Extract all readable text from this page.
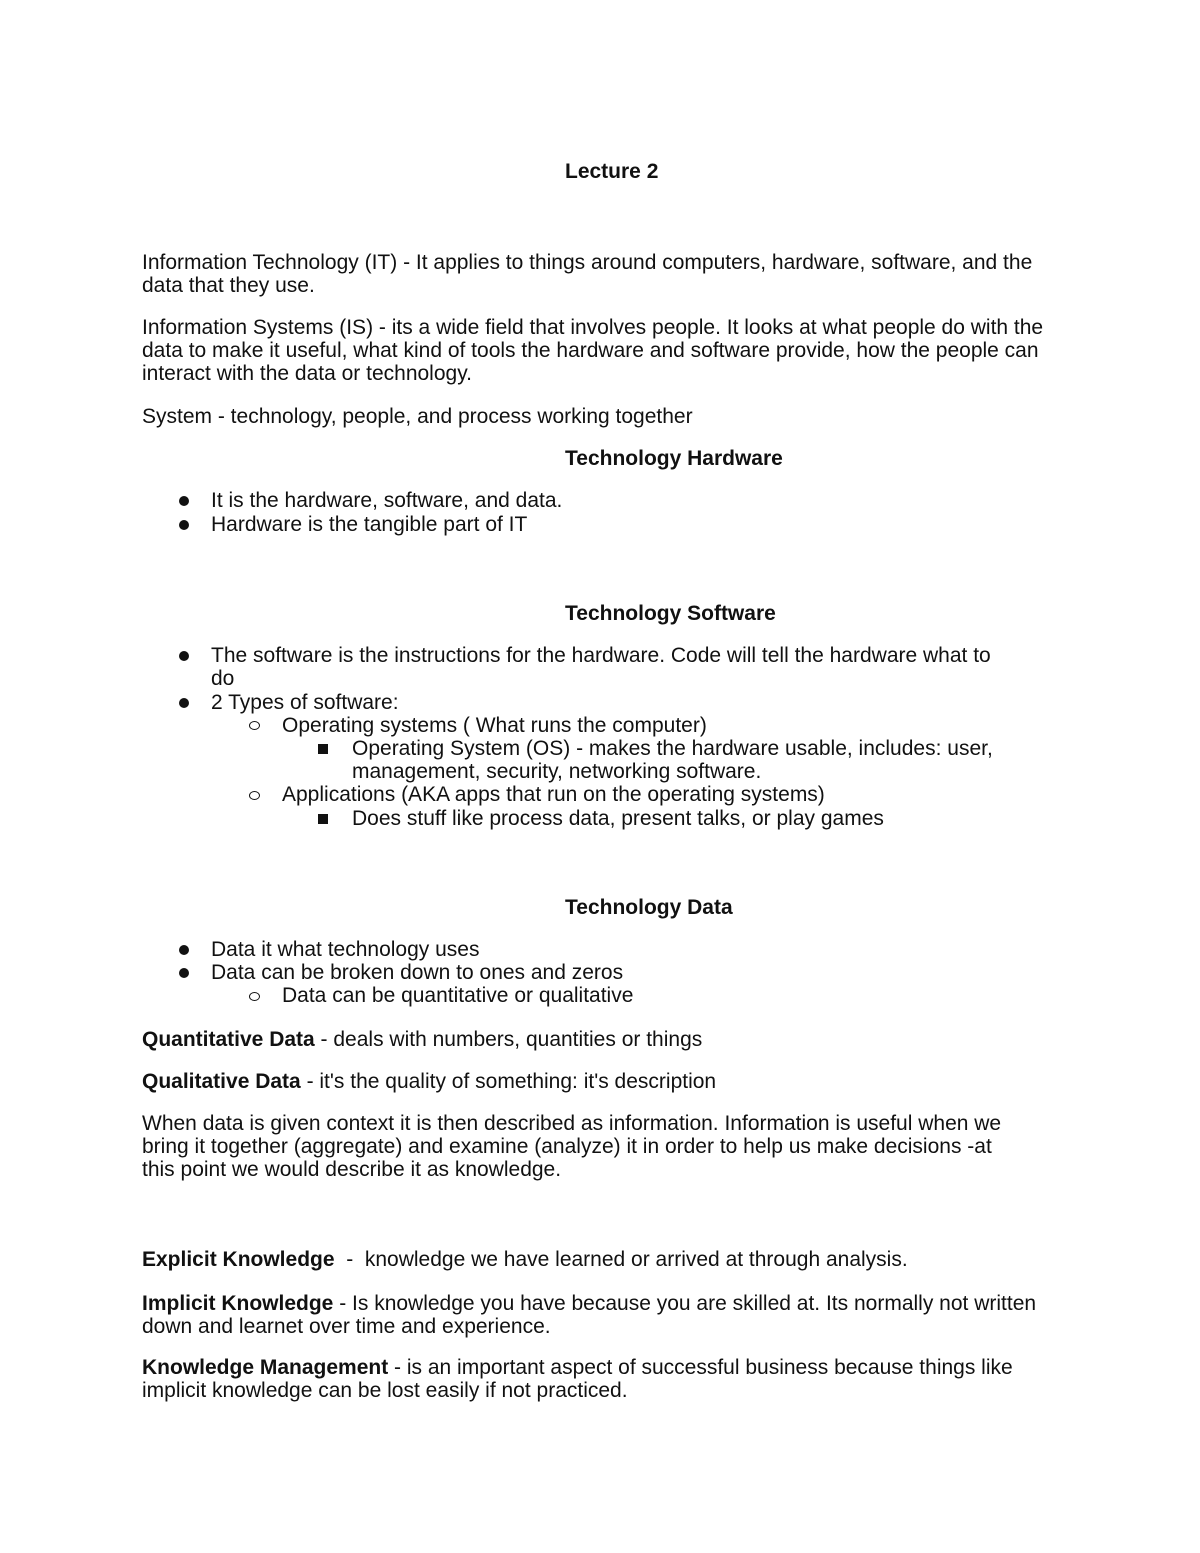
Lecture 2

Information Technology (IT) - It applies to things around computers, hardware, software, and the data that they use.

Information Systems (IS) - its a wide field that involves people. It looks at what people do with the data to make it useful, what kind of tools the hardware and software provide, how the people can interact with the data or technology.

System - technology, people, and process working together

Technology Hardware
It is the hardware, software, and data.
Hardware is the tangible part of IT
Technology Software
The software is the instructions for the hardware. Code will tell the hardware what to do
2 Types of software:
Operating systems ( What runs the computer)
Operating System (OS) - makes the hardware usable, includes: user, management, security, networking software.
Applications (AKA apps that run on the operating systems)
Does stuff like process data, present talks, or play games
Technology Data
Data it what technology uses
Data can be broken down to ones and zeros
Data can be quantitative or qualitative

Quantitative Data - deals with numbers, quantities or things

Qualitative Data - it's the quality of something: it's description

When data is given context it is then described as information. Information is useful when we bring it together (aggregate) and examine (analyze) it in order to help us make decisions -at this point we would describe it as knowledge.

Explicit Knowledge  -  knowledge we have learned or arrived at through analysis.

Implicit Knowledge - Is knowledge you have because you are skilled at. Its normally not written down and learnet over time and experience.

Knowledge Management - is an important aspect of successful business because things like implicit knowledge can be lost easily if not practiced.
